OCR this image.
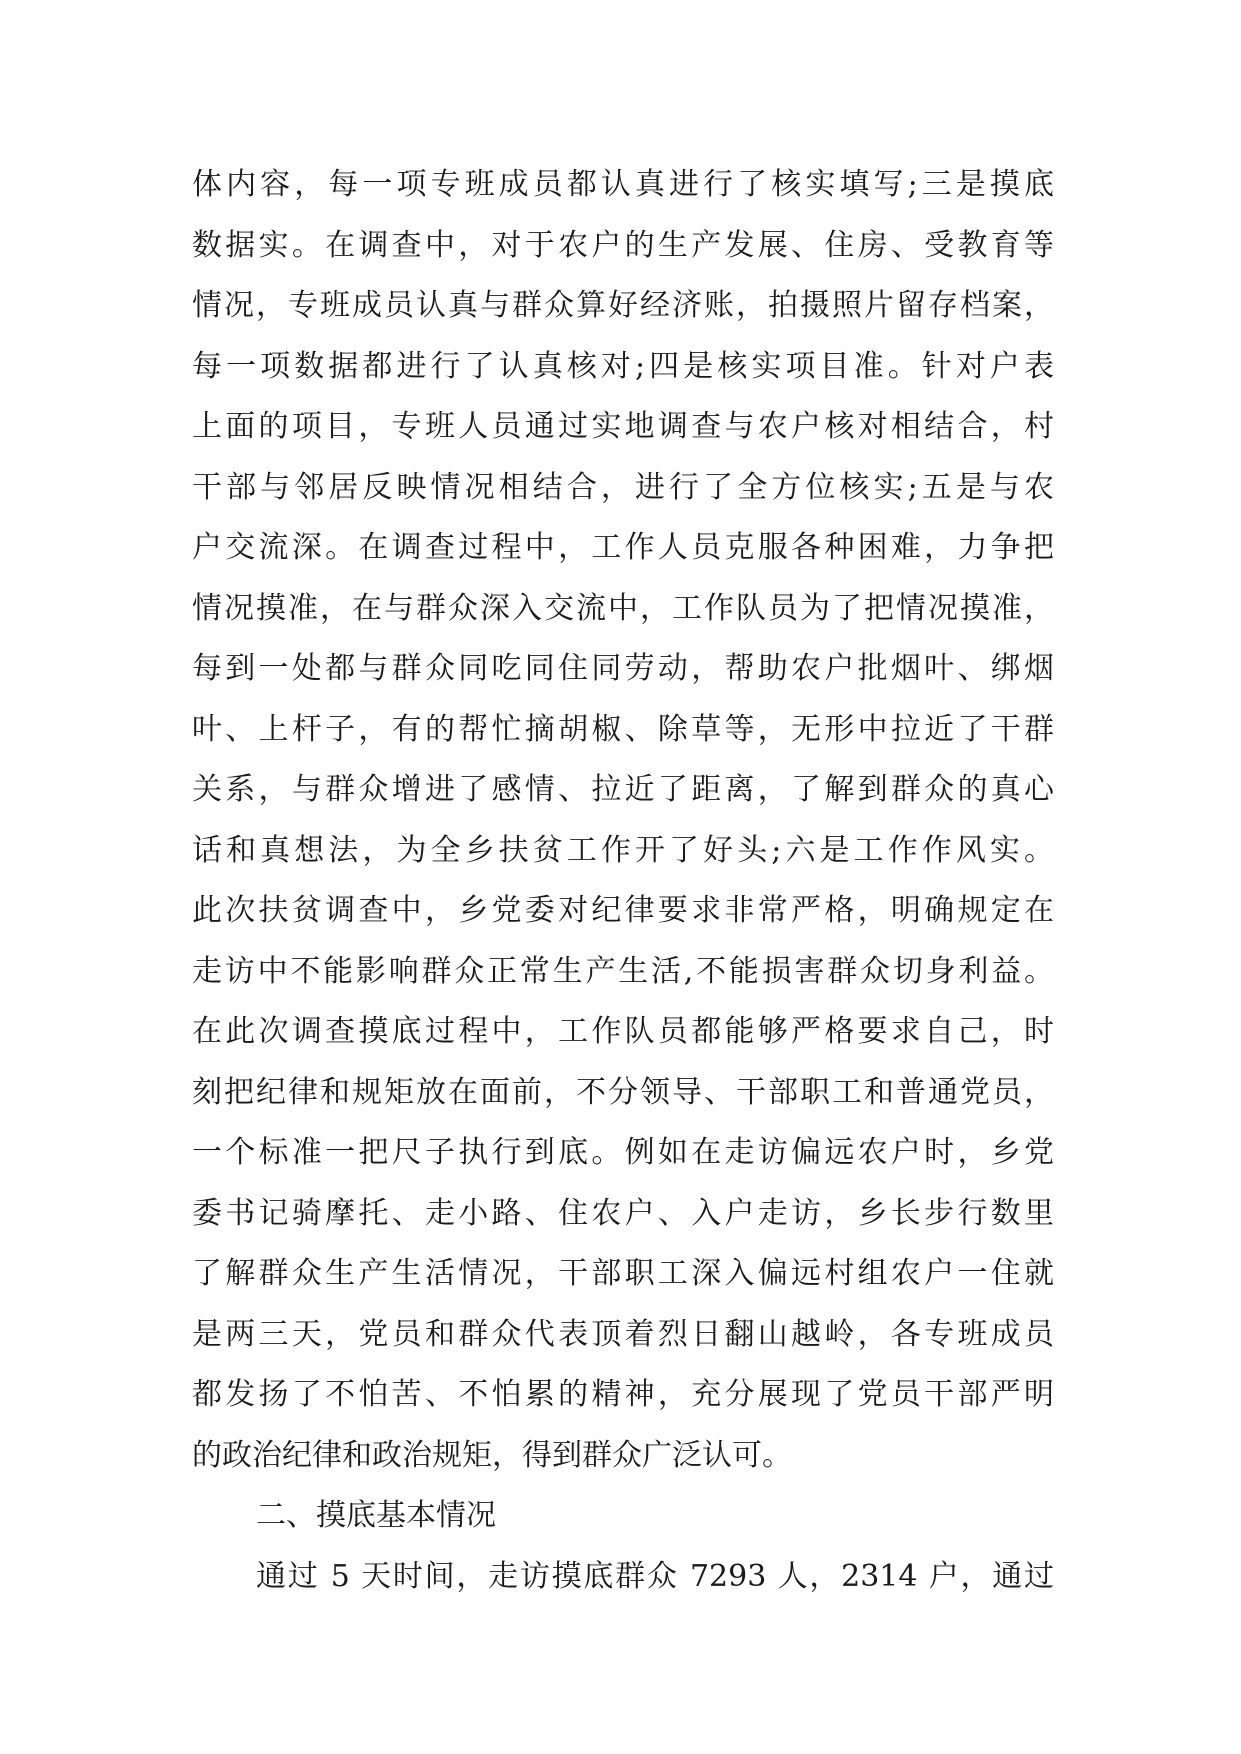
体内容，每一项专班成员都认真进行了核实填写;三是摸底
数据实。在调查中，对于农户的生产发展、住房、受教育等
情况，专班成员认真与群众算好经济账，拍摄照片留存档案，
每一项数据都进行了认真核对;四是核实项目准。针对户表
上面的项目，专班人员通过实地调查与农户核对相结合，村
干部与邻居反映情况相结合，进行了全方位核实;五是与农
户交流深。在调查过程中，工作人员克服各种困难，力争把
情况摸准，在与群众深入交流中，工作队员为了把情况摸准，
每到一处都与群众同吃同住同劳动，帮助农户批烟叶、绑烟
叶、上杆子，有的帮忙摘胡椒、除草等，无形中拉近了干群
关系，与群众增进了感情、拉近了距离，了解到群众的真心
话和真想法，为全乡扶贫工作开了好头;六是工作作风实。
此次扶贫调查中，乡党委对纪律要求非常严格，明确规定在
走访中不能影响群众正常生产生活,不能损害群众切身利益。
在此次调查摸底过程中，工作队员都能够严格要求自己，时
刻把纪律和规矩放在面前，不分领导、干部职工和普通党员，
一个标准一把尺子执行到底。例如在走访偏远农户时，乡党
委书记骑摩托、走小路、住农户、入户走访，乡长步行数里
了解群众生产生活情况，干部职工深入偏远村组农户一住就
是两三天，党员和群众代表顶着烈日翻山越岭，各专班成员
都发扬了不怕苦、不怕累的精神，充分展现了党员干部严明
的政治纪律和政治规矩，得到群众广泛认可。
二、摸底基本情况
通过 5 天时间，走访摸底群众 7293 人，2314 户，通过
